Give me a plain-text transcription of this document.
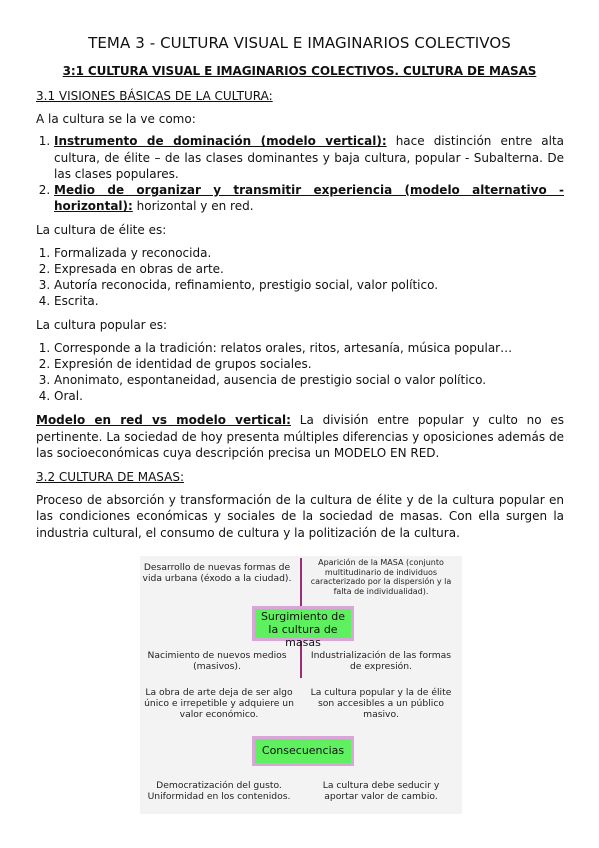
TEMA 3 - CULTURA VISUAL E IMAGINARIOS COLECTIVOS
3:1 CULTURA VISUAL E IMAGINARIOS COLECTIVOS. CULTURA DE MASAS
3.1 VISIONES BÁSICAS DE LA CULTURA:

A la cultura se la ve como:

1. Instrumento de dominación (modelo vertical): hace distinción entre alta cultura, de élite – de las clases dominantes y baja cultura, popular - Subalterna. De las clases populares.
2. Medio de organizar y transmitir experiencia (modelo alternativo - horizontal): horizontal y en red.

La cultura de élite es:

1. Formalizada y reconocida.
2. Expresada en obras de arte.
3. Autoría reconocida, refinamiento, prestigio social, valor político.
4. Escrita.

La cultura popular es:

1. Corresponde a la tradición: relatos orales, ritos, artesanía, música popular…
2. Expresión de identidad de grupos sociales.
3. Anonimato, espontaneidad, ausencia de prestigio social o valor político.
4. Oral.

Modelo en red vs modelo vertical: La división entre popular y culto no es pertinente. La sociedad de hoy presenta múltiples diferencias y oposiciones además de las socioeconómicas cuya descripción precisa un MODELO EN RED.

3.2 CULTURA DE MASAS:

Proceso de absorción y transformación de la cultura de élite y de la cultura popular en las condiciones económicas y sociales de la sociedad de masas. Con ella surgen la industria cultural, el consumo de cultura y la politización de la cultura.

Desarrollo de nuevas formas de vida urbana (éxodo a la ciudad).
Aparición de la MASA (conjunto multitudinario de individuos caracterizado por la dispersión y la falta de individualidad).
Surgimiento de la cultura de masas
Nacimiento de nuevos medios (masivos).
Industrialización de las formas de expresión.
La obra de arte deja de ser algo único e irrepetible y adquiere un valor económico.
La cultura popular y la de élite son accesibles a un público masivo.
Consecuencias
Democratización del gusto. Uniformidad en los contenidos.
La cultura debe seducir y aportar valor de cambio.
